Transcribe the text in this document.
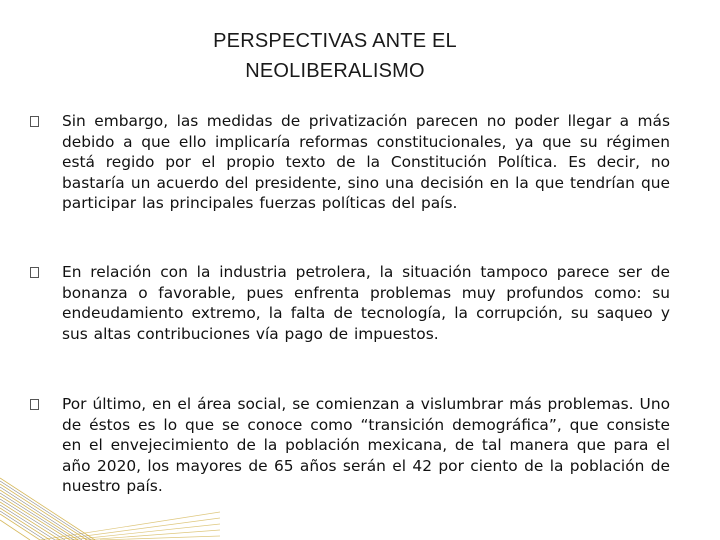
PERSPECTIVAS ANTE EL NEOLIBERALISMO
Sin embargo, las medidas de privatización parecen no poder llegar a más debido a que ello implicaría reformas constitucionales, ya que su régimen está regido por el propio texto de la Constitución Política. Es decir, no bastaría un acuerdo del presidente, sino una decisión en la que tendrían que participar las principales fuerzas políticas del país.
En relación con la industria petrolera, la situación tampoco parece ser de bonanza o favorable, pues enfrenta problemas muy profundos como: su endeudamiento extremo, la falta de tecnología, la corrupción, su saqueo y sus altas contribuciones vía pago de impuestos.
Por último, en el área social, se comienzan a vislumbrar más problemas. Uno de éstos es lo que se conoce como “transición demográfica”, que consiste en el envejecimiento de la población mexicana, de tal manera que para el año 2020, los mayores de 65 años serán el 42 por ciento de la población de nuestro país.
